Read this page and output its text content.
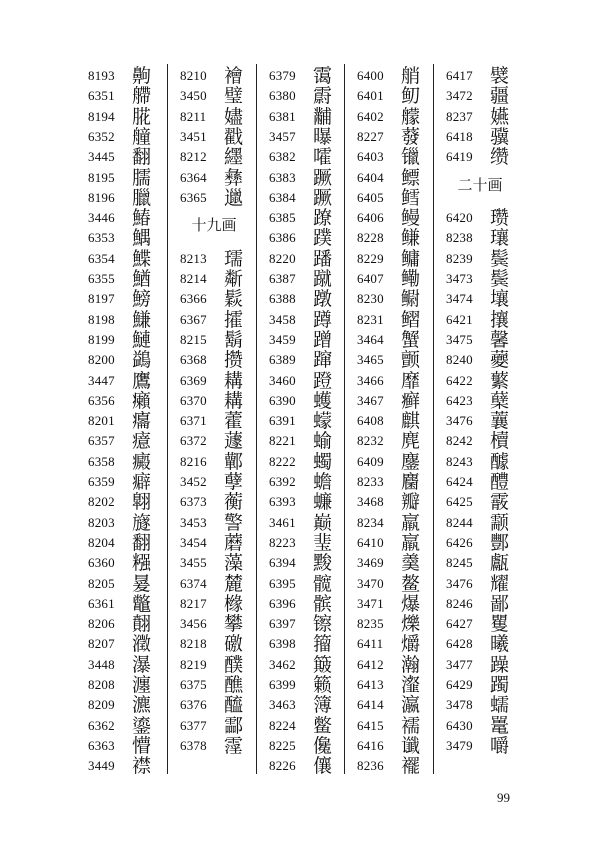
8193 齁
6351 艜
8194 㬸
6352 艟
3445 翻
8195 臑
8196 臘
3446 鰆
6353 鰅
6354 鰈
6355 鰌
8197 鰟
8198 鰜
8199 鰱
8200 鷁
3447 鷹
6356 癩
8201 癟
6357 癔
6358 癜
6359 癖
8202 翺
8203 旞
8204 翻
6360 糨
8205 㬊
6361 鼈
8206 翸
8207 瀓
3448 瀑
8208 瀍
8209 瀌
6362 鎏
6363 懵
3449 襟
8210 襘
3450 璧
8211 嬧
3451 戳
8212 纆
6364 彝
6365 邋
十九画
8213 瓀
8214 斴
6366 鬏
6367 攉
8215 鬍
6368 攒
6369 耩
6370 耩
6371 藿
6372 蘧
8216 鄿
3452 孽
6373 蘅
3453 警
3454 蘑
3455 藻
6374 麓
8217 橼
3456 攀
8218 礉
8219 醭
6375 醮
6376 醯
6377 酃
6378 霪
6379 霭
6380 霨
6381 黼
3457 曝
6382 嚯
6383 蹶
6384 蹶
6385 蹽
6386 蹼
8220 蹯
6387 蹴
6388 蹾
3458 蹲
3459 蹭
6389 蹿
3460 蹬
6390 蠖
6391 蠓
8221 蝓
8222 蠋
6392 蟾
6393 蠊
3461 巅
8223 㻗
6394 黢
6395 髋
6396 髌
6397 镲
6398 籀
3462 簸
6399 籁
3463 簿
8224 鳖
8225 儳
8226 儴
6400 艄
6401 鱽
6402 艨
8227 蕟
6403 镴
6404 鳔
6405 鳕
6406 鳗
8228 鳒
8229 鳙
6407 鳓
8230 鳚
8231 鳛
3464 蟹
3465 颤
3466 靡
3467 癣
6408 麒
8232 麂
6409 鏖
8233 麕
3468 瓣
8234 羸
6410 羸
3469 羹
3470 鳌
3471 爆
8235 爍
6411 爝
6412 瀚
6413 瀣
6414 瀛
6415 襦
6416 谶
8236 襬
6417 襞
3472 疆
8237 嬿
6418 骥
6419 缵
二十画
6420 瓒
8238 瓖
8239 鬓
3473 鬓
3474 壤
6421 攘
3475 馨
8240 蘷
6422 蘩
6423 蘖
3476 蘘
8242 櫝
8243 醵
6424 醴
6425 霰
8244 颥
6426 酆
8245 甗
3476 耀
8246 鄙
6427 矍
6428 曦
3477 躁
6429 躅
3478 蠕
6430 鼍
3479 嚼
99
